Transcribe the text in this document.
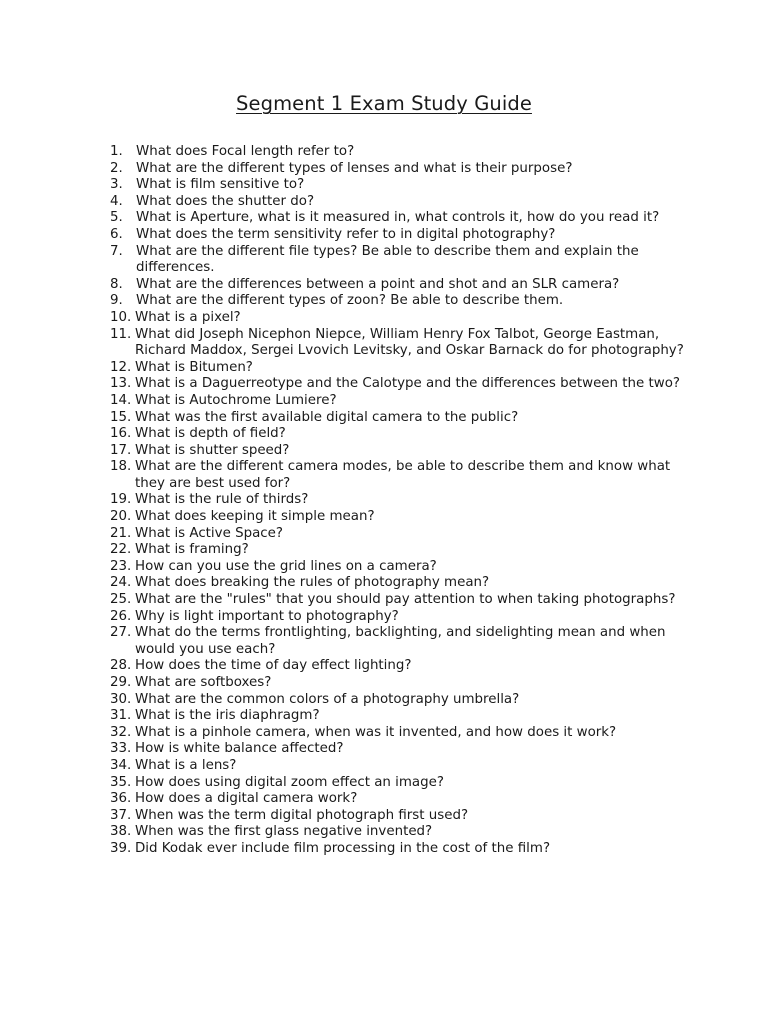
Segment 1 Exam Study Guide
1. What does Focal length refer to?
2. What are the different types of lenses and what is their purpose?
3. What is film sensitive to?
4. What does the shutter do?
5. What is Aperture, what is it measured in, what controls it, how do you read it?
6. What does the term sensitivity refer to in digital photography?
7. What are the different file types? Be able to describe them and explain the differences.
8. What are the differences between a point and shot and an SLR camera?
9. What are the different types of zoon? Be able to describe them.
10. What is a pixel?
11. What did Joseph Nicephon Niepce, William Henry Fox Talbot, George Eastman, Richard Maddox, Sergei Lvovich Levitsky, and Oskar Barnack do for photography?
12. What is Bitumen?
13. What is a Daguerreotype and the Calotype and the differences between the two?
14. What is Autochrome Lumiere?
15. What was the first available digital camera to the public?
16. What is depth of field?
17. What is shutter speed?
18. What are the different camera modes, be able to describe them and know what they are best used for?
19. What is the rule of thirds?
20. What does keeping it simple mean?
21. What is Active Space?
22. What is framing?
23. How can you use the grid lines on a camera?
24. What does breaking the rules of photography mean?
25. What are the "rules" that you should pay attention to when taking photographs?
26. Why is light important to photography?
27. What do the terms frontlighting, backlighting, and sidelighting mean and when would you use each?
28. How does the time of day effect lighting?
29. What are softboxes?
30. What are the common colors of a photography umbrella?
31. What is the iris diaphragm?
32. What is a pinhole camera, when was it invented, and how does it work?
33. How is white balance affected?
34. What is a lens?
35. How does using digital zoom effect an image?
36. How does a digital camera work?
37. When was the term digital photograph first used?
38. When was the first glass negative invented?
39. Did Kodak ever include film processing in the cost of the film?
